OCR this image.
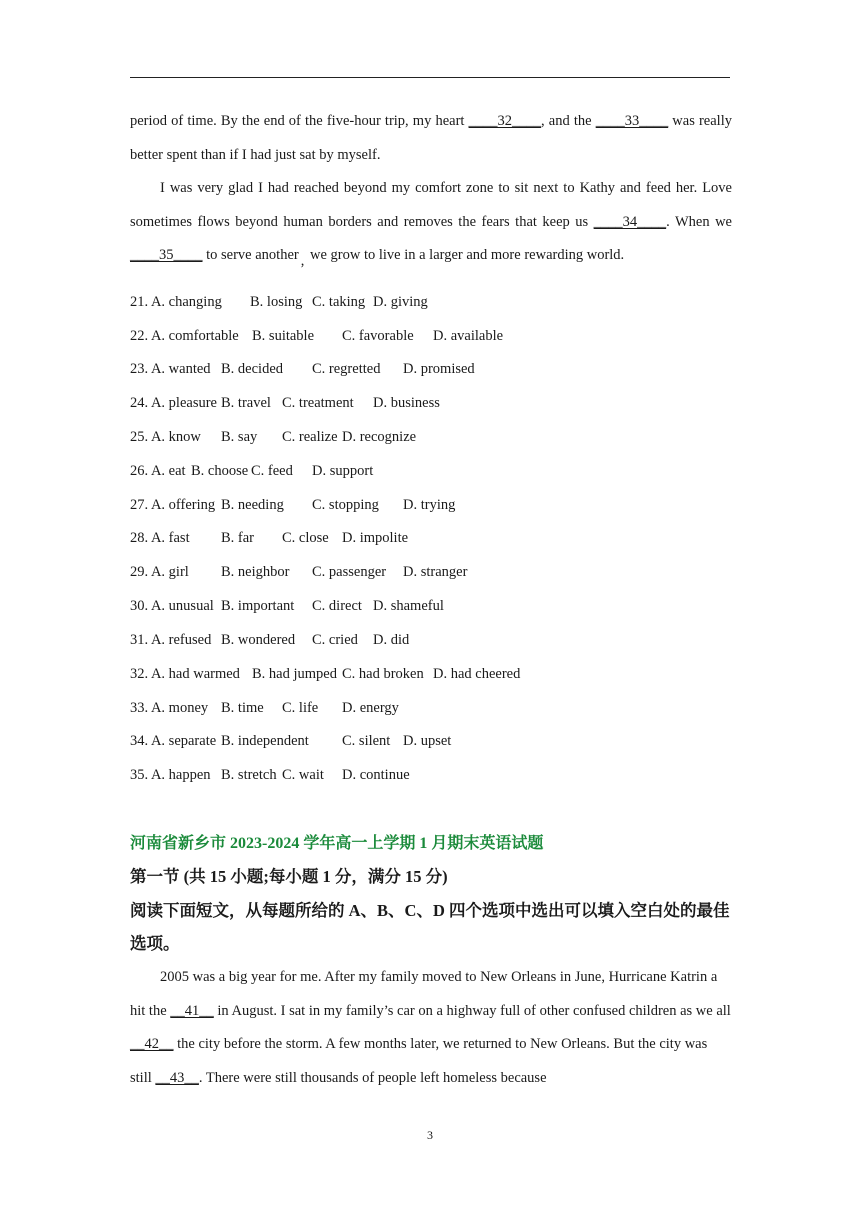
period of time. By the end of the five-hour trip, my heart ____32____, and the ____33____ was really better spent than if I had just sat by myself.

I was very glad I had reached beyond my comfort zone to sit next to Kathy and feed her. Love sometimes flows beyond human borders and removes the fears that keep us ____34____. When we ____35____ to serve another , we grow to live in a larger and more rewarding world.

21. A. changing B. losing C. taking D. giving
22. A. comfortable B. suitable C. favorable D. available
23. A. wanted B. decided C. regretted D. promised
24. A. pleasure B. travel C. treatment D. business
25. A. know B. say C. realize D. recognize
26. A. eat B. choose C. feed D. support
27. A. offering B. needing C. stopping D. trying
28. A. fast B. far C. close D. impolite
29. A. girl B. neighbor C. passenger D. stranger
30. A. unusual B. important C. direct D. shameful
31. A. refused B. wondered C. cried D. did
32. A. had warmed B. had jumped C. had broken D. had cheered
33. A. money B. time C. life D. energy
34. A. separate B. independent C. silent D. upset
35. A. happen B. stretch C. wait D. continue
河南省新乡市 2023-2024 学年高一上学期 1 月期末英语试题
第一节 (共 15 小题;每小题 1 分，满分 15 分)
阅读下面短文，从每题所给的 A、B、C、D 四个选项中选出可以填入空白处的最佳选项。

2005 was a big year for me. After my family moved to New Orleans in June, Hurricane Katrin a hit the __41__ in August. I sat in my family’s car on a highway full of other confused children as we all __42__ the city before the storm. A few months later, we returned to New Orleans. But the city was still __43__. There were still thousands of people left homeless because

3
